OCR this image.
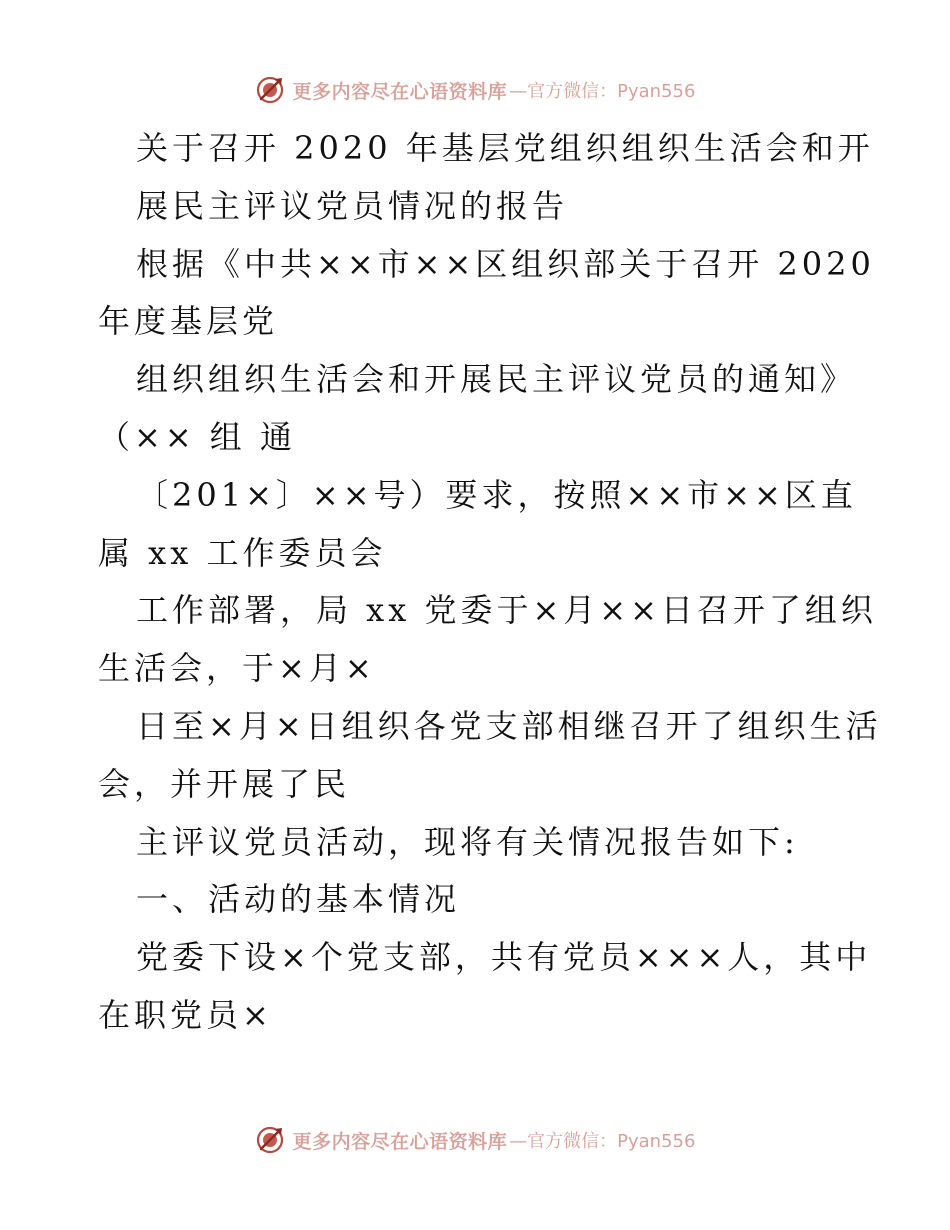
更多内容尽在心语资料库 —官方微信：Pyan556
关于召开 2020 年基层党组织组织生活会和开
展民主评议党员情况的报告
根据《中共××市××区组织部关于召开 2020
年度基层党
组织组织生活会和开展民主评议党员的通知》
（×× 组 通
〔201×〕××号）要求，按照××市××区直
属 xx 工作委员会
工作部署，局 xx 党委于×月××日召开了组织
生活会，于×月×
日至×月×日组织各党支部相继召开了组织生活
会，并开展了民
主评议党员活动，现将有关情况报告如下:
一、活动的基本情况
党委下设×个党支部，共有党员×××人，其中
在职党员×
更多内容尽在心语资料库 —官方微信：Pyan556
